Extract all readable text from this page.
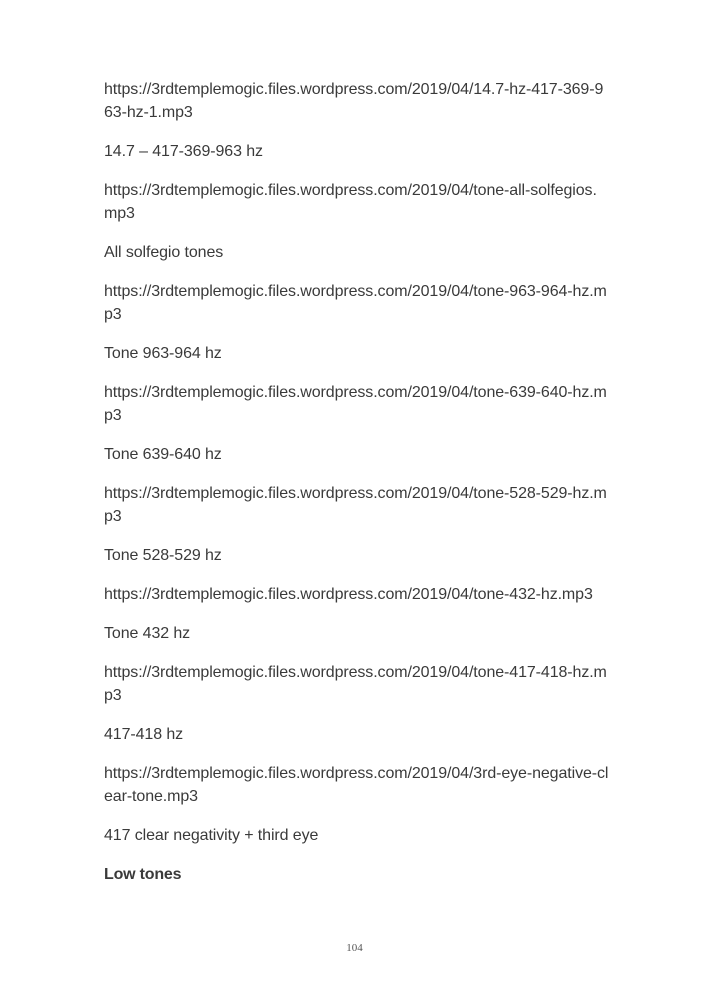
https://3rdtemplemogic.files.wordpress.com/2019/04/14.7-hz-417-369-963-hz-1.mp3

14.7 – 417-369-963 hz

https://3rdtemplemogic.files.wordpress.com/2019/04/tone-all-solfegios.mp3

All solfegio tones

https://3rdtemplemogic.files.wordpress.com/2019/04/tone-963-964-hz.mp3

Tone 963-964 hz

https://3rdtemplemogic.files.wordpress.com/2019/04/tone-639-640-hz.mp3

Tone 639-640 hz

https://3rdtemplemogic.files.wordpress.com/2019/04/tone-528-529-hz.mp3

Tone 528-529 hz

https://3rdtemplemogic.files.wordpress.com/2019/04/tone-432-hz.mp3

Tone 432 hz

https://3rdtemplemogic.files.wordpress.com/2019/04/tone-417-418-hz.mp3

417-418 hz

https://3rdtemplemogic.files.wordpress.com/2019/04/3rd-eye-negative-clear-tone.mp3

417 clear negativity + third eye

Low tones

104
